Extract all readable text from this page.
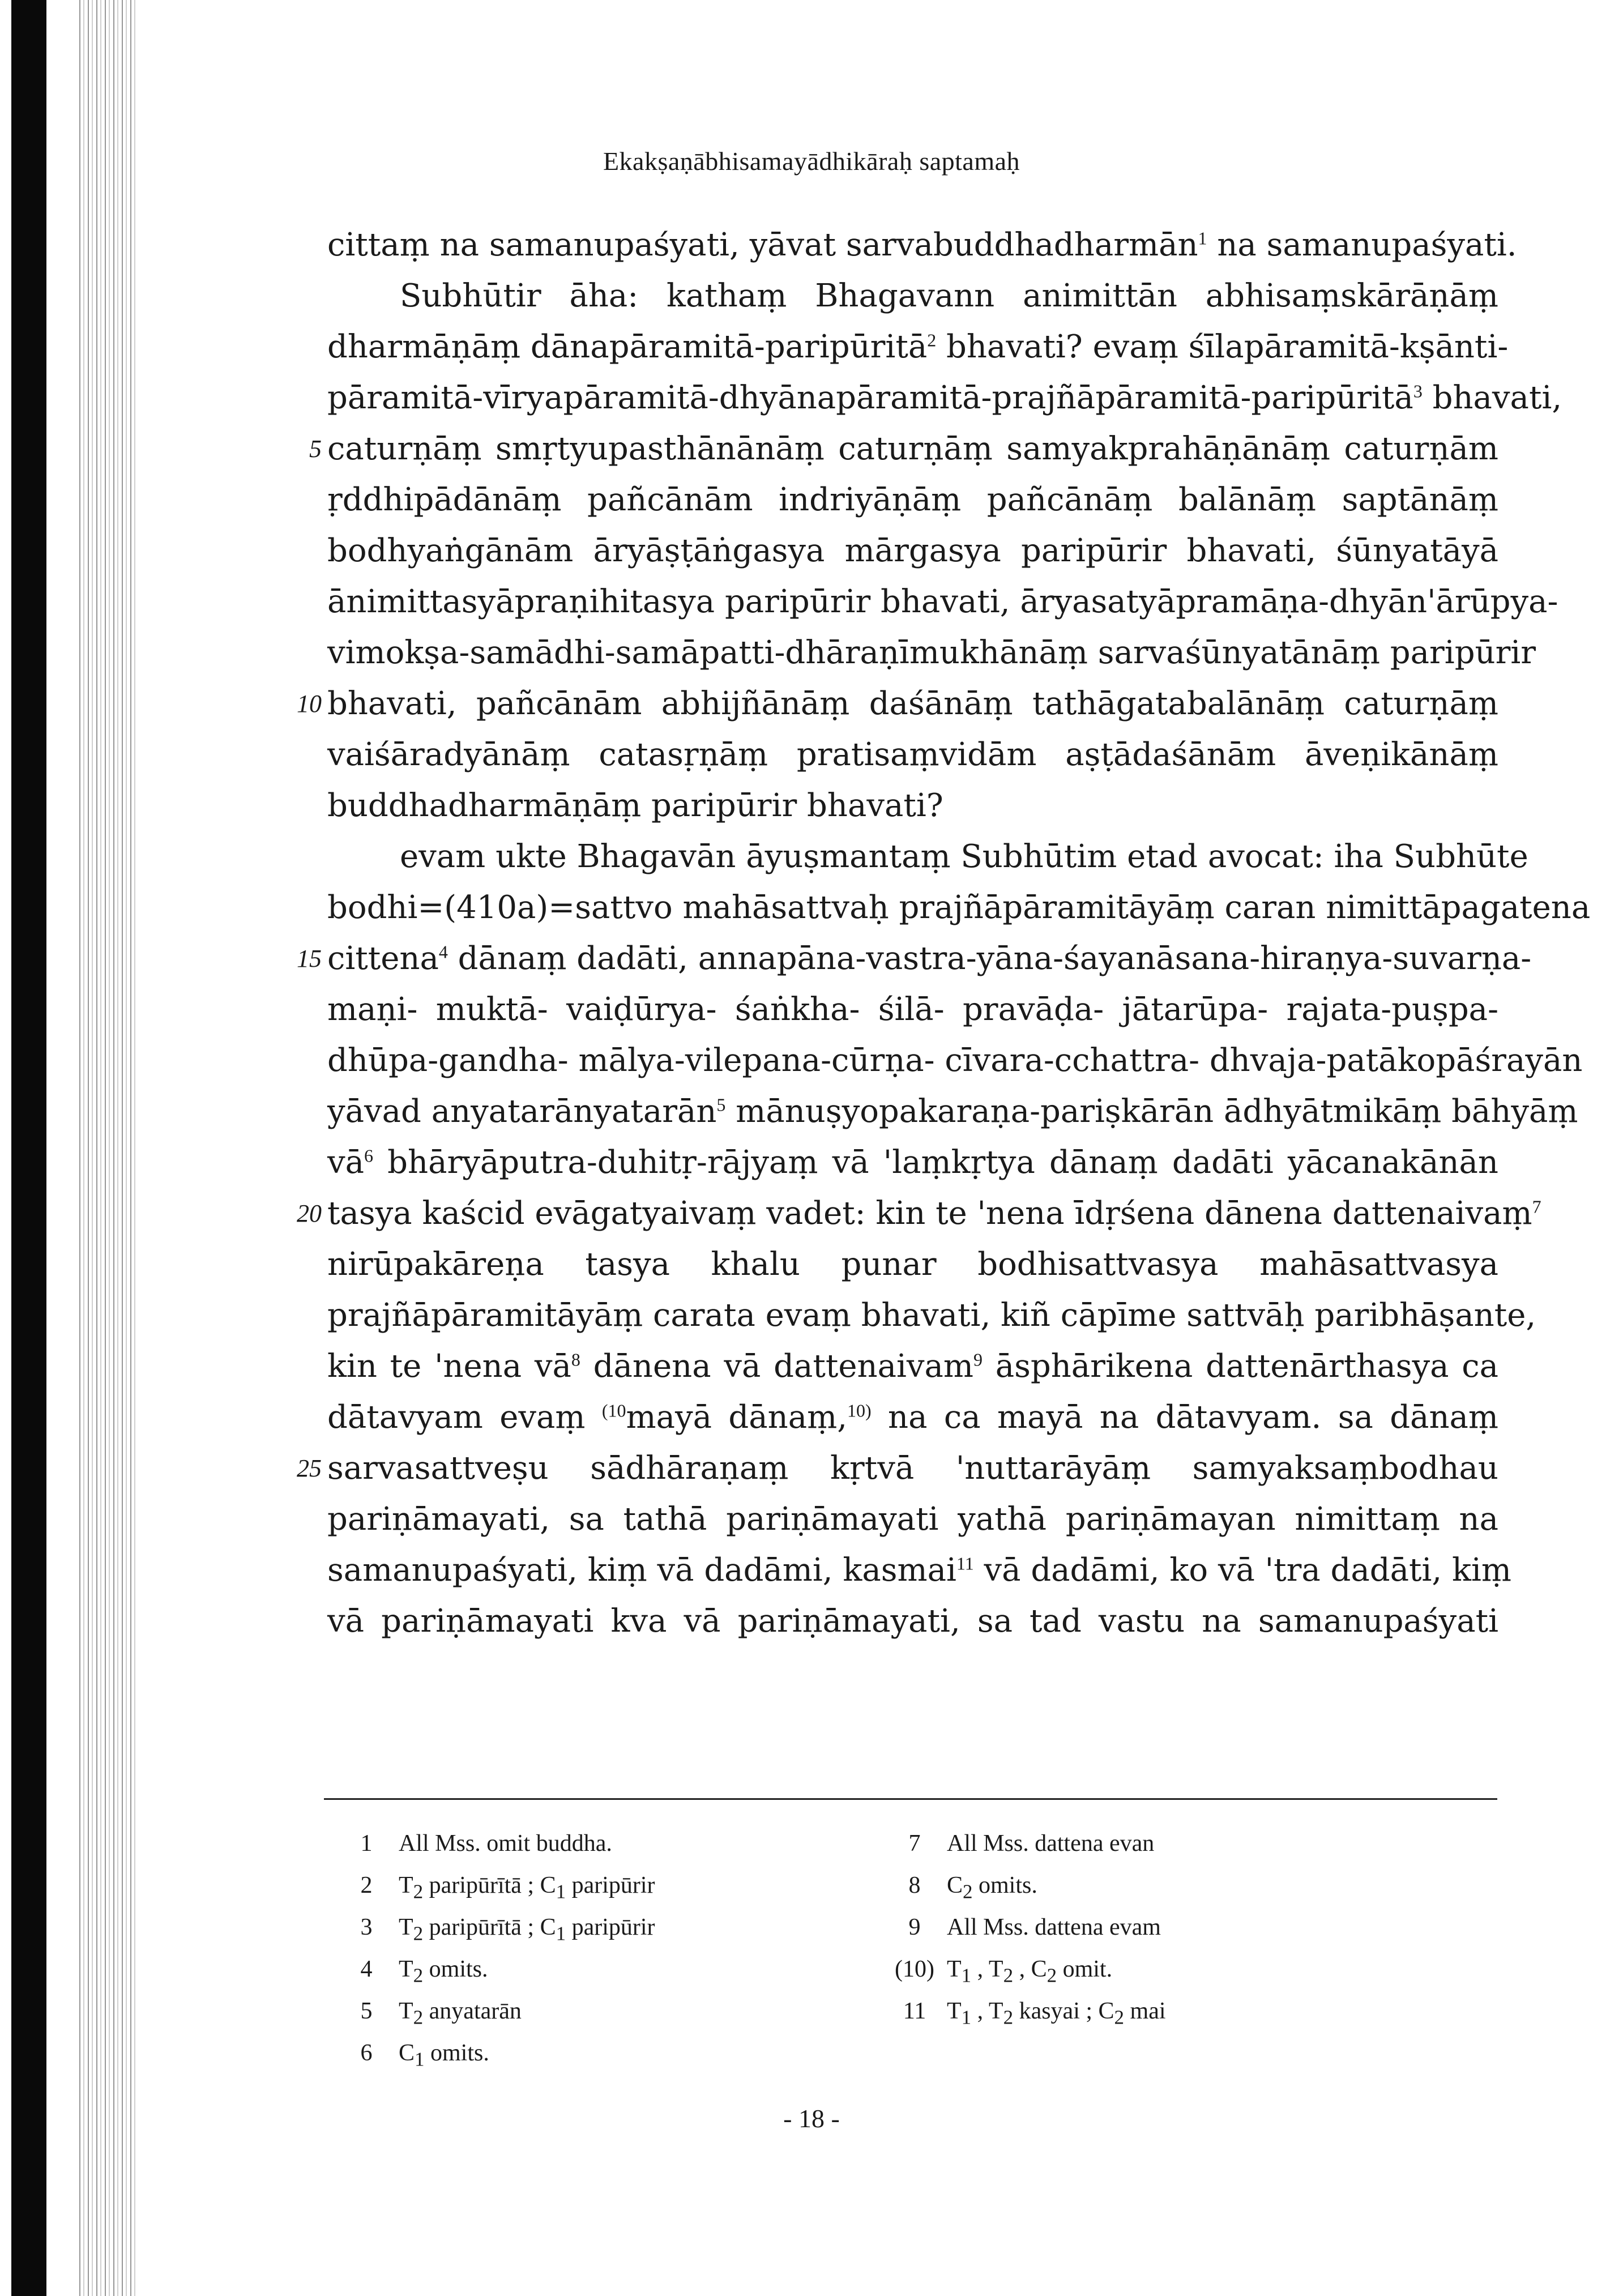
Ekakṣaṇābhisamayādhikāraḥ saptamaḥ
cittaṃ na samanupaśyati, yāvat sarvabuddhadharmān$^1$ na samanupaśyati.
Subhūtir āha: kathaṃ Bhagavann animittān abhisaṃskārāṇāṃ
dharmāṇāṃ dānapāramitā-paripūritā$^2$ bhavati? evaṃ śīlapāramitā-kṣānti-
pāramitā-vīryapāramitā-dhyānapāramitā-prajñāpāramitā-paripūritā$^3$ bhavati,
5 caturṇāṃ smṛtyupasthānānāṃ caturṇāṃ samyakprahāṇānāṃ caturṇām
ṛddhipādānāṃ pañcānām indriyāṇāṃ pañcānāṃ balānāṃ saptānāṃ
bodhyaṅgānām āryāṣṭāṅgasya mārgasya paripūrir bhavati, śūnyatāyā
ānimittasyāpraṇihitasya paripūrir bhavati, āryasatyāpramāṇa-dhyān'ārūpya-
vimokṣa-samādhi-samāpatti-dhāraṇīmukhānāṃ sarvaśūnyatānāṃ paripūrir
10 bhavati, pañcānām abhijñānāṃ daśānāṃ tathāgatabalānāṃ caturṇāṃ
vaiśāradyānāṃ catasṛṇāṃ pratisaṃvidām aṣṭādaśānām āveṇikānāṃ
buddhadharmāṇāṃ paripūrir bhavati?
evam ukte Bhagavān āyuṣmantaṃ Subhūtim etad avocat: iha Subhūte
bodhi=(410a)=sattvo mahāsattvaḥ prajñāpāramitāyāṃ caran nimittāpagatena
15 cittena$^4$ dānaṃ dadāti, annapāna-vastra-yāna-śayanāsana-hiraṇya-suvarṇa-
maṇi- muktā- vaiḍūrya- śaṅkha- śilā- pravāḍa- jātarūpa- rajata-puṣpa-
dhūpa-gandha- mālya-vilepana-cūrṇa- cīvara-cchattra- dhvaja-patākopāśrayān
yāvad anyatarānyatarān$^5$ mānuṣyopakaraṇa-pariṣkārān ādhyātmikāṃ bāhyāṃ
$vā^6$ bhāryāputra-duhitṛ-rājyaṃ vā 'laṃkṛtya dānaṃ dadāti yācanakānān
20 tasya kaścid evāgatyaivaṃ vadet: kin te 'nena īdṛśena dānena dattenaivaṃ$^7$
nirūpakāreṇa tasya khalu punar bodhisattvasya mahāsattvasya
prajñāpāramitāyāṃ carata evaṃ bhavati, kiñ cāpīme sattvāḥ paribhāṣante,
kin te 'nena $vā^8$ dānena vā dattenaivam$^9$ āsphārikena dattenārthasya ca
dātavyam evaṃ $^{(10}$mayā dānaṃ,$^{10)}$ na ca mayā na dātavyam. sa dānaṃ
25 sarvasattveṣu sādhāraṇaṃ kṛtvā 'nuttarāyāṃ samyaksaṃbodhau
pariṇāmayati, sa tathā pariṇāmayati yathā pariṇāmayan nimittaṃ na
samanupaśyati, kiṃ vā dadāmi, kasmai$^{11}$ vā dadāmi, ko vā 'tra dadāti, kiṃ
vā pariṇāmayati kva vā pariṇāmayati, sa tad vastu na samanupaśyati
1	All Mss. omit buddha.
2	$T_2$ paripūrītā ; $C_1$ paripūrir
3	$T_2$ paripūrītā ; $C_1$ paripūrir
4	$T_2$ omits.
5	$T_2$ anyatarān
6	$C_1$ omits.
7	All Mss. dattena evan
8	$C_2$ omits.
9	All Mss. dattena evam
(10) $T_1$ , $T_2$ , $C_2$ omit.
11 $T_1$ , $T_2$ kasyai ; $C_2$ mai
- 18 -
